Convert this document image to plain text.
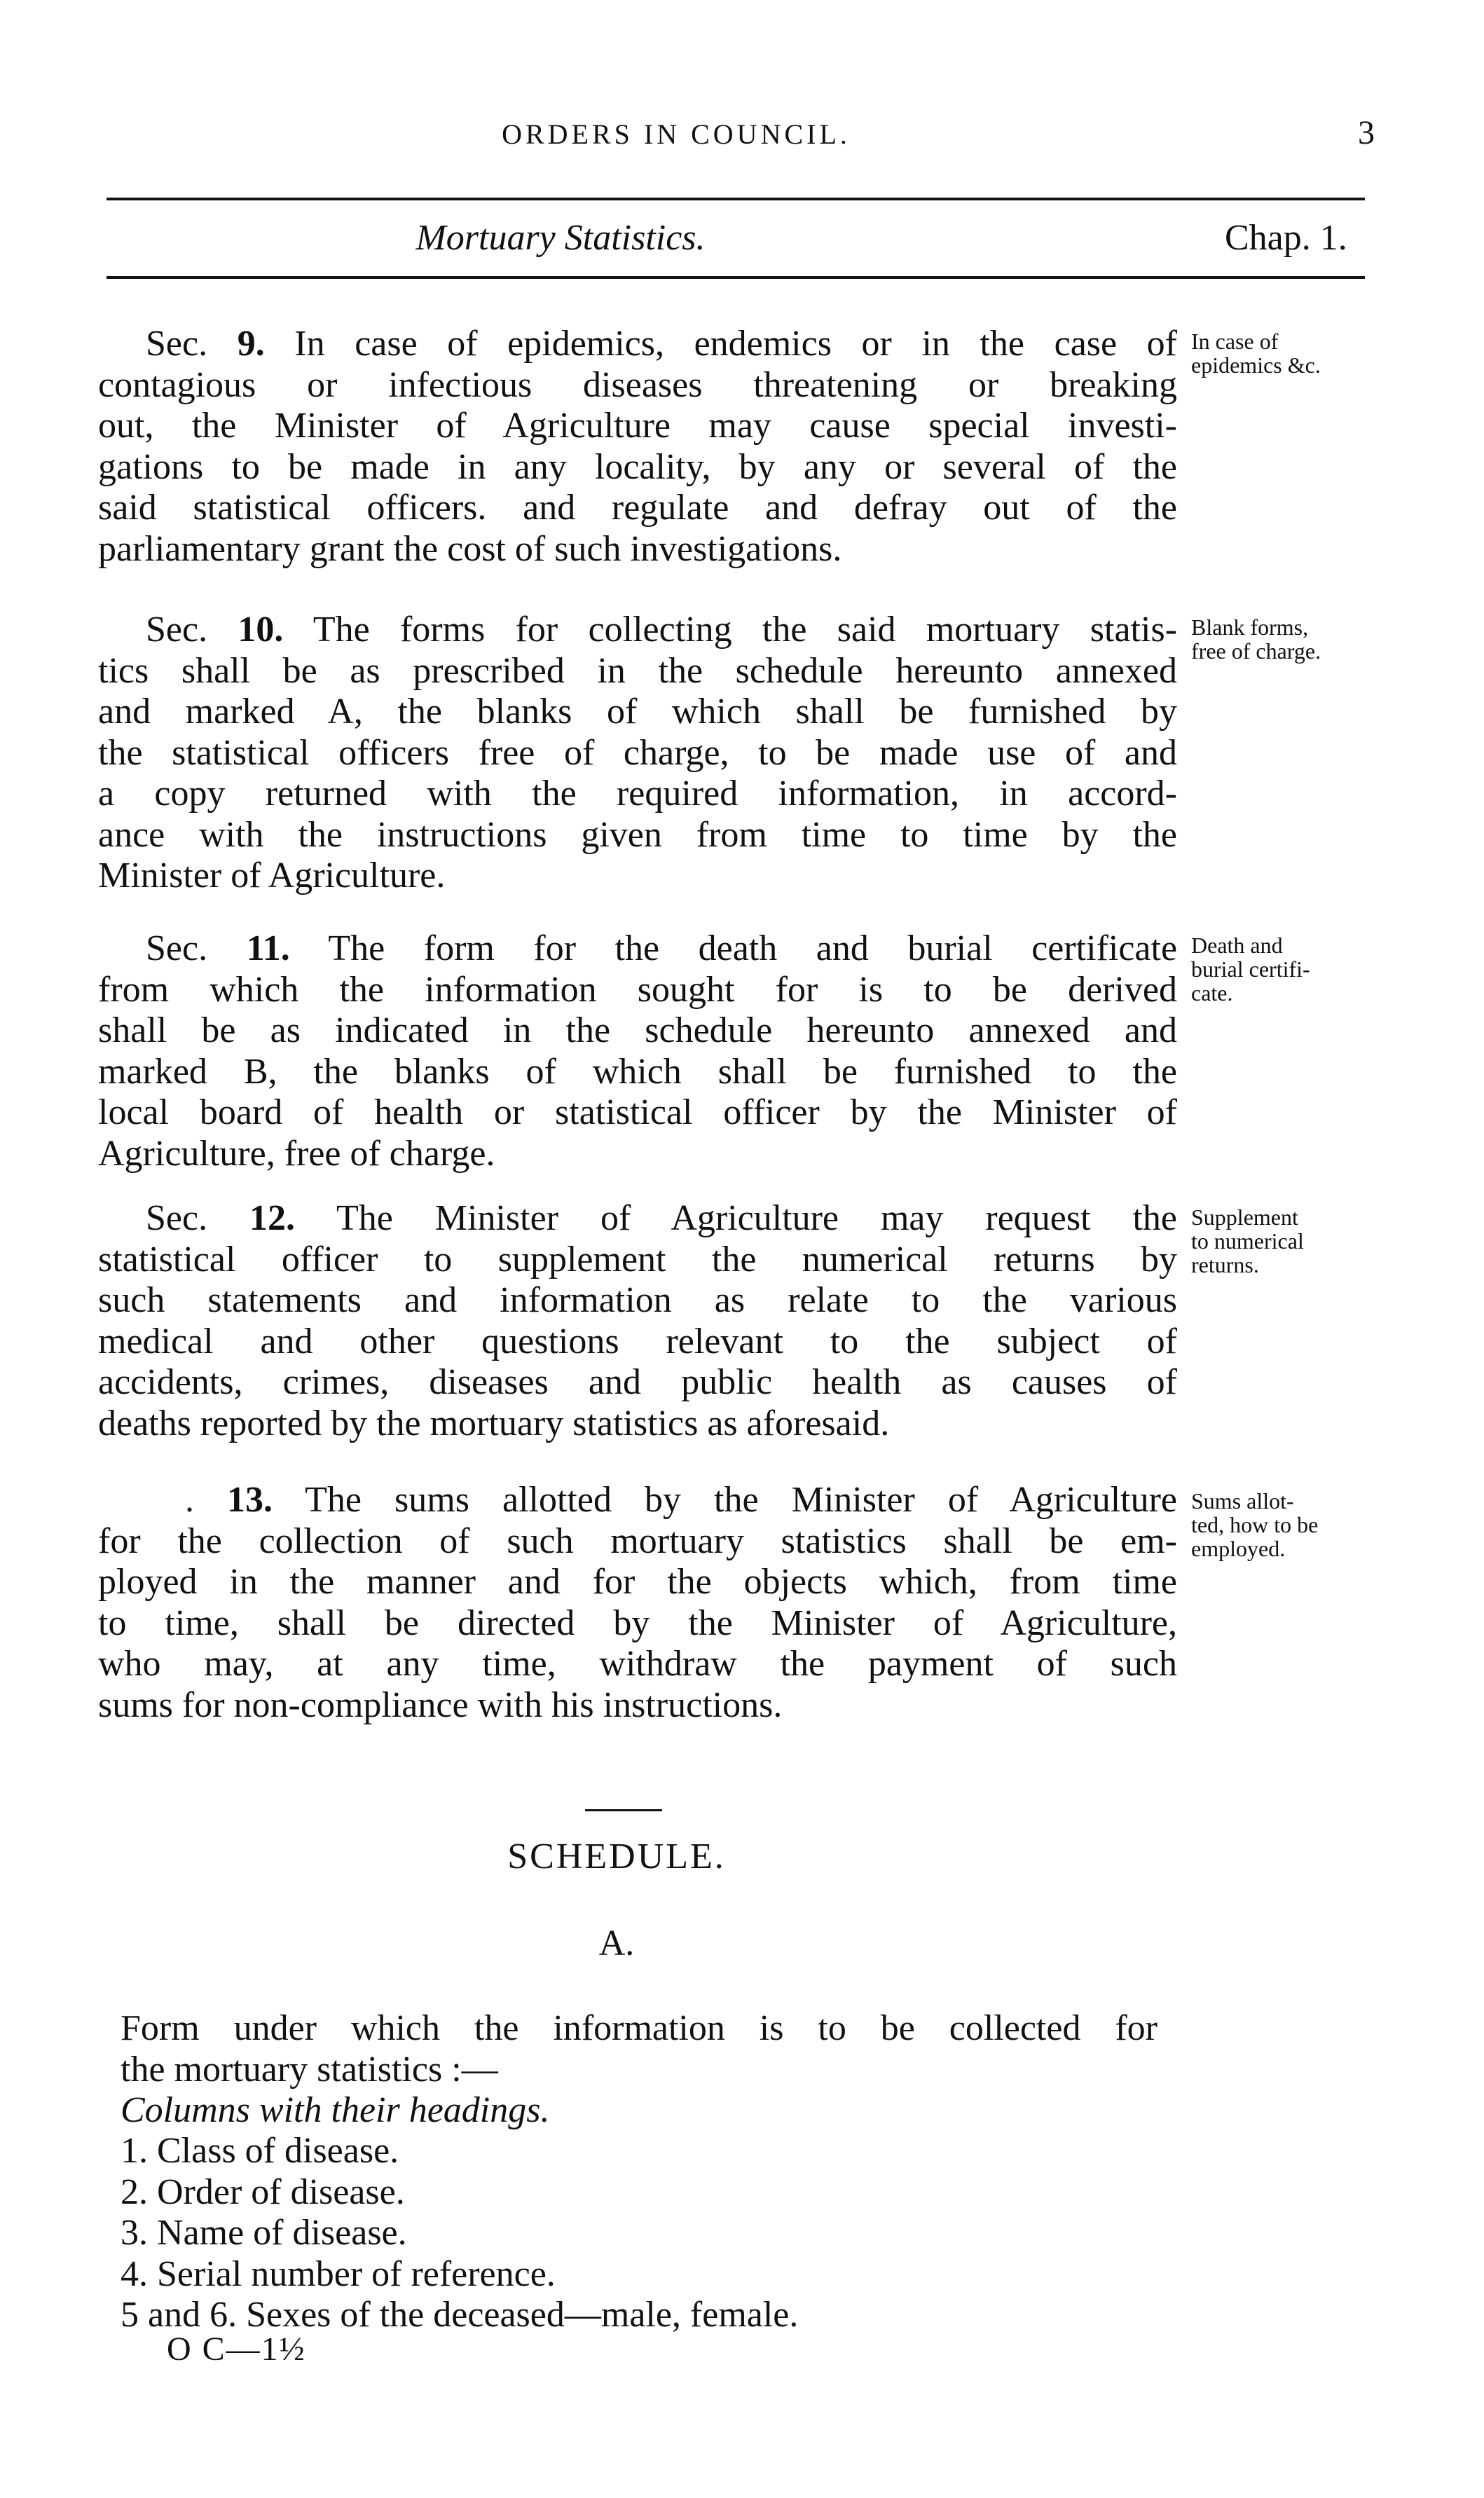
ORDERS IN COUNCIL.	3
Mortuary Statistics.	Chap. 1.
Sec. 9. In case of epidemics, endemics or in the case of
contagious or infectious diseases threatening or breaking
out, the Minister of Agriculture may cause special investi-
gations to be made in any locality, by any or several of the
said statistical officers. and regulate and defray out of the
parliamentary grant the cost of such investigations.
In case of
epidemics &c.
Sec. 10. The forms for collecting the said mortuary statis-
tics shall be as prescribed in the schedule hereunto annexed
and marked A, the blanks of which shall be furnished by
the statistical officers free of charge, to be made use of and
a copy returned with the required information, in accord-
ance with the instructions given from time to time by the
Minister of Agriculture.
Blank forms,
free of charge.
Sec. 11. The form for the death and burial certificate
from which the information sought for is to be derived
shall be as indicated in the schedule hereunto annexed and
marked B, the blanks of which shall be furnished to the
local board of health or statistical officer by the Minister of
Agriculture, free of charge.
Death and
burial certifi-
cate.
Sec. 12. The Minister of Agriculture may request the
statistical officer to supplement the numerical returns by
such statements and information as relate to the various
medical and other questions relevant to the subject of
accidents, crimes, diseases and public health as causes of
deaths reported by the mortuary statistics as aforesaid.
Supplement
to numerical
returns.
. 13. The sums allotted by the Minister of Agriculture
for the collection of such mortuary statistics shall be em-
ployed in the manner and for the objects which, from time
to time, shall be directed by the Minister of Agriculture,
who may, at any time, withdraw the payment of such
sums for non-compliance with his instructions.
Sums allot-
ted, how to be
employed.
SCHEDULE.
A.
Form under which the information is to be collected for
the mortuary statistics :—
Columns with their headings.
1. Class of disease.
2. Order of disease.
3. Name of disease.
4. Serial number of reference.
5 and 6. Sexes of the deceased—male, female.
O C—1½
